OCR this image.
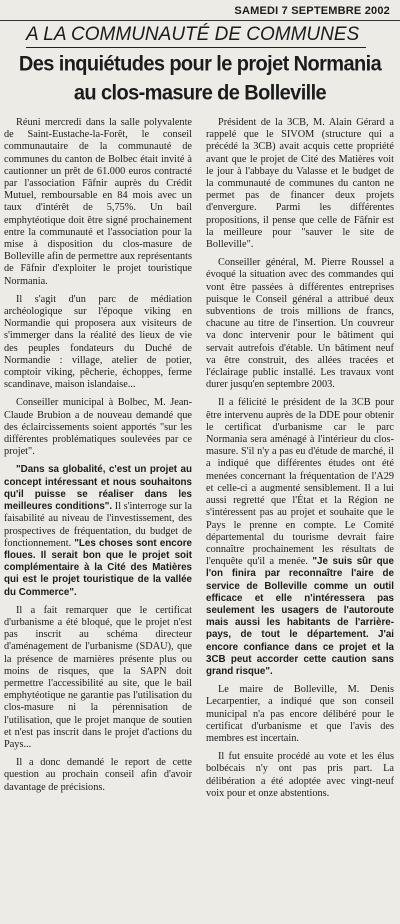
SAMEDI 7 SEPTEMBRE 2002
A LA COMMUNAUTÉ DE COMMUNES
Des inquiétudes pour le projet Normania
au clos-masure de Bolleville

Réuni mercredi dans la salle polyvalente de Saint-Eustache-la-Forêt, le conseil communautaire de la communauté de communes du canton de Bolbec était invité à cautionner un prêt de 61.000 euros contracté par l'association Fâfnir auprès du Crédit Mutuel, remboursable en 84 mois avec un taux d'intérêt de 5,75%. Un bail emphytéotique doit être signé prochainement entre la communauté et l'association pour la mise à disposition du clos-masure de Bolleville afin de permettre aux représentants de Fâfnir d'exploiter le projet touristique Normania.

Il s'agit d'un parc de médiation archéologique sur l'époque viking en Normandie qui proposera aux visiteurs de s'immerger dans la réalité des lieux de vie des peuples fondateurs du Duché de Normandie : village, atelier de potier, comptoir viking, pêcherie, échoppes, ferme scandinave, maison islandaise...

Conseiller municipal à Bolbec, M. Jean-Claude Brubion a de nouveau demandé que des éclaircissements soient apportés "sur les différentes problématiques soulevées par ce projet".

"Dans sa globalité, c'est un projet au concept intéressant et nous souhaitons qu'il puisse se réaliser dans les meilleures conditions". Il s'interroge sur la faisabilité au niveau de l'investissement, des prospectives de fréquentation, du budget de fonctionnement. "Les choses sont encore floues. Il serait bon que le projet soit complémentaire à la Cité des Matières qui est le projet touristique de la vallée du Commerce".

Il a fait remarquer que le certificat d'urbanisme a été bloqué, que le projet n'est pas inscrit au schéma directeur d'aménagement de l'urbanisme (SDAU), que la présence de marnières présente plus ou moins de risques, que la SAPN doit permettre l'accessibilité au site, que le bail emphytéotique ne garantie pas l'utilisation du clos-masure ni la pérennisation de l'utilisation, que le projet manque de soutien et n'est pas inscrit dans le projet d'actions du Pays...

Il a donc demandé le report de cette question au prochain conseil afin d'avoir davantage de précisions.

Président de la 3CB, M. Alain Gérard a rappelé que le SIVOM (structure qui a précédé la 3CB) avait acquis cette propriété avant que le projet de Cité des Matières voit le jour à l'abbaye du Valasse et le budget de la communauté de communes du canton ne permet pas de financer deux projets d'envergure. Parmi les différentes propositions, il pense que celle de Fâfnir est la meilleure pour "sauver le site de Bolleville".

Conseiller général, M. Pierre Roussel a évoqué la situation avec des commandes qui vont être passées à différentes entreprises puisque le Conseil général a attribué deux subventions de trois millions de francs, chacune au titre de l'insertion. Un couvreur va donc intervenir pour le bâtiment qui servait autrefois d'étable. Un bâtiment neuf va être construit, des allées tracées et l'éclairage public installé. Les travaux vont durer jusqu'en septembre 2003.

Il a félicité le président de la 3CB pour être intervenu auprès de la DDE pour obtenir le certificat d'urbanisme car le parc Normania sera aménagé à l'intérieur du clos-masure. S'il n'y a pas eu d'étude de marché, il a indiqué que différentes études ont été menées concernant la fréquentation de l'A29 et celle-ci a augmenté sensiblement. Il a lui aussi regretté que l'État et la Région ne s'intéressent pas au projet et souhaite que le Pays le prenne en compte. Le Comité départemental du tourisme devrait faire connaître prochainement les résultats de l'enquête qu'il a menée. "Je suis sûr que l'on finira par reconnaître l'aire de service de Bolleville comme un outil efficace et elle n'intéressera pas seulement les usagers de l'autoroute mais aussi les habitants de l'arrière-pays, de tout le département. J'ai encore confiance dans ce projet et la 3CB peut accorder cette caution sans grand risque".

Le maire de Bolleville, M. Denis Lecarpentier, a indiqué que son conseil municipal n'a pas encore délibéré pour le certificat d'urbanisme et que l'avis des membres est incertain.

Il fut ensuite procédé au vote et les élus bolbécais n'y ont pas pris part. La délibération a été adoptée avec vingt-neuf voix pour et onze abstentions.
